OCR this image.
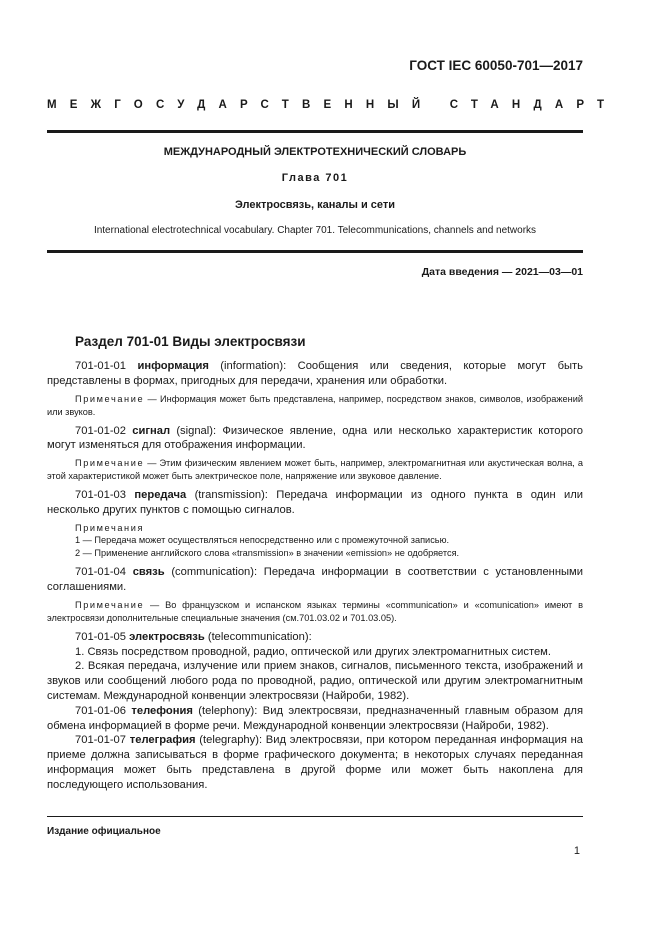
ГОСТ IEC 60050-701—2017
МЕЖГОСУДАРСТВЕННЫЙ СТАНДАРТ
МЕЖДУНАРОДНЫЙ ЭЛЕКТРОТЕХНИЧЕСКИЙ СЛОВАРЬ
Глава 701
Электросвязь, каналы и сети
International electrotechnical vocabulary. Chapter 701. Telecommunications, channels and networks
Дата введения — 2021—03—01
Раздел 701-01 Виды электросвязи

701-01-01 информация (information): Сообщения или сведения, которые могут быть представлены в формах, пригодных для передачи, хранения или обработки.

Примечание — Информация может быть представлена, например, посредством знаков, символов, изображений или звуков.

701-01-02 сигнал (signal): Физическое явление, одна или несколько характеристик которого могут изменяться для отображения информации.

Примечание — Этим физическим явлением может быть, например, электромагнитная или акустическая волна, а этой характеристикой может быть электрическое поле, напряжение или звуковое давление.

701-01-03 передача (transmission): Передача информации из одного пункта в один или несколько других пунктов с помощью сигналов.

Примечания

1 — Передача может осуществляться непосредственно или с промежуточной записью.

2 — Применение английского слова «transmission» в значении «emission» не одобряется.

701-01-04 связь (communication): Передача информации в соответствии с установленными соглашениями.

Примечание — Во французском и испанском языках термины «communication» и «comunication» имеют в электросвязи дополнительные специальные значения (см.701.03.02 и 701.03.05).

701-01-05 электросвязь (telecommunication):

1. Связь посредством проводной, радио, оптической или других электромагнитных систем.

2. Всякая передача, излучение или прием знаков, сигналов, письменного текста, изображений и звуков или сообщений любого рода по проводной, радио, оптической или другим электромагнитным системам. Международной конвенции электросвязи (Найроби, 1982).

701-01-06 телефония (telephony): Вид электросвязи, предназначенный главным образом для обмена информацией в форме речи. Международной конвенции электросвязи (Найроби, 1982).

701-01-07 телеграфия (telegraphy): Вид электросвязи, при котором переданная информация на приеме должна записываться в форме графического документа; в некоторых случаях переданная информация может быть представлена в другой форме или может быть накоплена для последующего использования.

Издание официальное
1
